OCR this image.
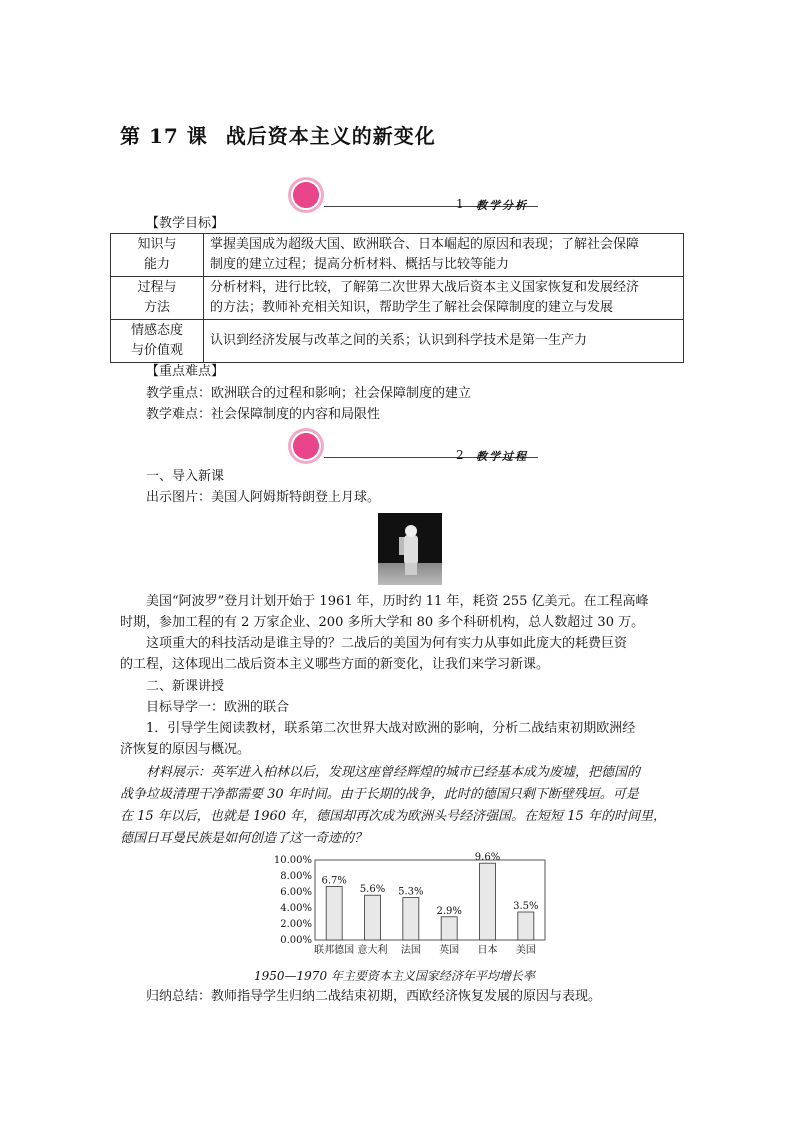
第 17 课 战后资本主义的新变化
1 教学分析
【教学目标】
知识与
能力	掌握美国成为超级大国、欧洲联合、日本崛起的原因和表现；了解社会保障
制度的建立过程；提高分析材料、概括与比较等能力
过程与
方法	分析材料，进行比较，了解第二次世界大战后资本主义国家恢复和发展经济
的方法；教师补充相关知识，帮助学生了解社会保障制度的建立与发展
情感态度
与价值观	认识到经济发展与改革之间的关系；认识到科学技术是第一生产力
【重点难点】
教学重点：欧洲联合的过程和影响；社会保障制度的建立
教学难点：社会保障制度的内容和局限性
2 教学过程
一、导入新课
出示图片：美国人阿姆斯特朗登上月球。
美国“阿波罗”登月计划开始于 1961 年，历时约 11 年，耗资 255 亿美元。在工程高峰
时期，参加工程的有 2 万家企业、200 多所大学和 80 多个科研机构，总人数超过 30 万。
这项重大的科技活动是谁主导的？二战后的美国为何有实力从事如此庞大的耗费巨资
的工程，这体现出二战后资本主义哪些方面的新变化，让我们来学习新课。
二、新课讲授
目标导学一：欧洲的联合
1．引导学生阅读教材，联系第二次世界大战对欧洲的影响，分析二战结束初期欧洲经
济恢复的原因与概况。
材料展示：英军进入柏林以后，发现这座曾经辉煌的城市已经基本成为废墟，把德国的
战争垃圾清理干净都需要 30 年时间。由于长期的战争，此时的德国只剩下断壁残垣。可是
在 15 年以后，也就是 1960 年，德国却再次成为欧洲头号经济强国。在短短 15 年的时间里，
德国日耳曼民族是如何创造了这一奇迹的？
0.00%
2.00%
4.00%
6.00%
8.00%
10.00%
6.7%
联邦德国
5.6%
意大利
5.3%
法国
2.9%
英国
9.6%
日本
3.5%
美国
1950—1970 年主要资本主义国家经济年平均增长率
归纳总结：教师指导学生归纳二战结束初期，西欧经济恢复发展的原因与表现。
